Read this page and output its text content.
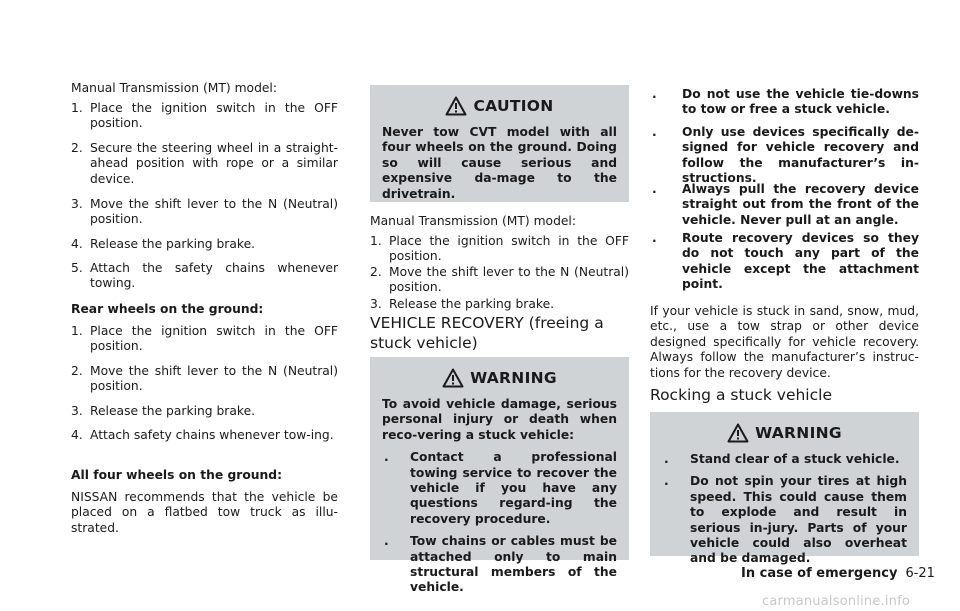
Manual Transmission (MT) model:
1. Place the ignition switch in the OFF position.
2. Secure the steering wheel in a straight-ahead position with rope or a similar device.
3. Move the shift lever to the N (Neutral) position.
4. Release the parking brake.
5. Attach the safety chains whenever towing.
Rear wheels on the ground:
1. Place the ignition switch in the OFF position.
2. Move the shift lever to the N (Neutral) position.
3. Release the parking brake.
4. Attach safety chains whenever tow-ing.
All four wheels on the ground:
NISSAN recommends that the vehicle be placed on a flatbed tow truck as illu-strated.
CAUTION
Never tow CVT model with all four wheels on the ground. Doing so will cause serious and expensive da-mage to the drivetrain.
Manual Transmission (MT) model:
1. Place the ignition switch in the OFF position.
2. Move the shift lever to the N (Neutral) position.
3. Release the parking brake.
VEHICLE RECOVERY (freeing a stuck vehicle)
WARNING
To avoid vehicle damage, serious personal injury or death when reco-vering a stuck vehicle:
. Contact a professional towing service to recover the vehicle if you have any questions regard-ing the recovery procedure.
. Tow chains or cables must be attached only to main structural members of the vehicle.
. Do not use the vehicle tie-downs to tow or free a stuck vehicle.
. Only use devices specifically de-signed for vehicle recovery and follow the manufacturer’s in-structions.
. Always pull the recovery device straight out from the front of the vehicle. Never pull at an angle.
. Route recovery devices so they do not touch any part of the vehicle except the attachment point.
If your vehicle is stuck in sand, snow, mud, etc., use a tow strap or other device designed specifically for vehicle recovery. Always follow the manufacturer’s instruc-tions for the recovery device.
Rocking a stuck vehicle
WARNING
. Stand clear of a stuck vehicle.
. Do not spin your tires at high speed. This could cause them to explode and result in serious in-jury. Parts of your vehicle could also overheat and be damaged.
In case of emergency 6-21
carmanualsonline.info
